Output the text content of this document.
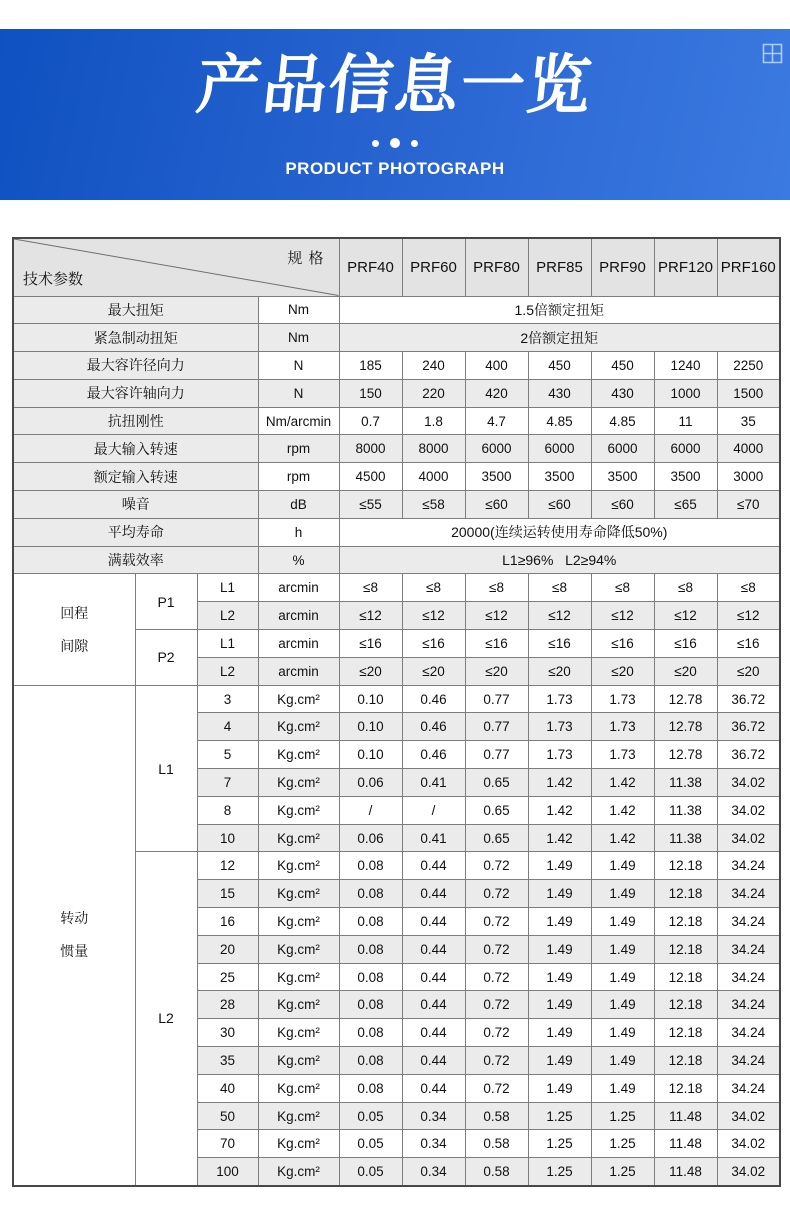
产品信息一览
PRODUCT PHOTOGRAPH
规 格
技术参数				PRF40	PRF60	PRF80	PRF85	PRF90	PRF120	PRF160
最大扭矩			Nm	1.5倍额定扭矩						
紧急制动扭矩			Nm	2倍额定扭矩						
最大容许径向力			N	185	240	400	450	450	1240	2250
最大容许轴向力			N	150	220	420	430	430	1000	1500
抗扭刚性			Nm/arcmin	0.7	1.8	4.7	4.85	4.85	11	35
最大输入转速			rpm	8000	8000	6000	6000	6000	6000	4000
额定输入转速			rpm	4500	4000	3500	3500	3500	3500	3000
噪音			dB	≤55	≤58	≤60	≤60	≤60	≤65	≤70
平均寿命			h	20000(连续运转使用寿命降低50%)						
满载效率			%	L1≥96%   L2≥94%						

回程
间隙	P1	L1	arcmin	≤8	≤8	≤8	≤8	≤8	≤8	≤8
		L2	arcmin	≤12	≤12	≤12	≤12	≤12	≤12	≤12
	P2	L1	arcmin	≤16	≤16	≤16	≤16	≤16	≤16	≤16
		L2	arcmin	≤20	≤20	≤20	≤20	≤20	≤20	≤20

转动
惯量	L1	3	Kg.cm²	0.10	0.46	0.77	1.73	1.73	12.78	36.72
		4	Kg.cm²	0.10	0.46	0.77	1.73	1.73	12.78	36.72
		5	Kg.cm²	0.10	0.46	0.77	1.73	1.73	12.78	36.72
		7	Kg.cm²	0.06	0.41	0.65	1.42	1.42	11.38	34.02
		8	Kg.cm²	/	/	0.65	1.42	1.42	11.38	34.02
		10	Kg.cm²	0.06	0.41	0.65	1.42	1.42	11.38	34.02
	L2	12	Kg.cm²	0.08	0.44	0.72	1.49	1.49	12.18	34.24
		15	Kg.cm²	0.08	0.44	0.72	1.49	1.49	12.18	34.24
		16	Kg.cm²	0.08	0.44	0.72	1.49	1.49	12.18	34.24
		20	Kg.cm²	0.08	0.44	0.72	1.49	1.49	12.18	34.24
		25	Kg.cm²	0.08	0.44	0.72	1.49	1.49	12.18	34.24
		28	Kg.cm²	0.08	0.44	0.72	1.49	1.49	12.18	34.24
		30	Kg.cm²	0.08	0.44	0.72	1.49	1.49	12.18	34.24
		35	Kg.cm²	0.08	0.44	0.72	1.49	1.49	12.18	34.24
		40	Kg.cm²	0.08	0.44	0.72	1.49	1.49	12.18	34.24
		50	Kg.cm²	0.05	0.34	0.58	1.25	1.25	11.48	34.02
		70	Kg.cm²	0.05	0.34	0.58	1.25	1.25	11.48	34.02
		100	Kg.cm²	0.05	0.34	0.58	1.25	1.25	11.48	34.02
